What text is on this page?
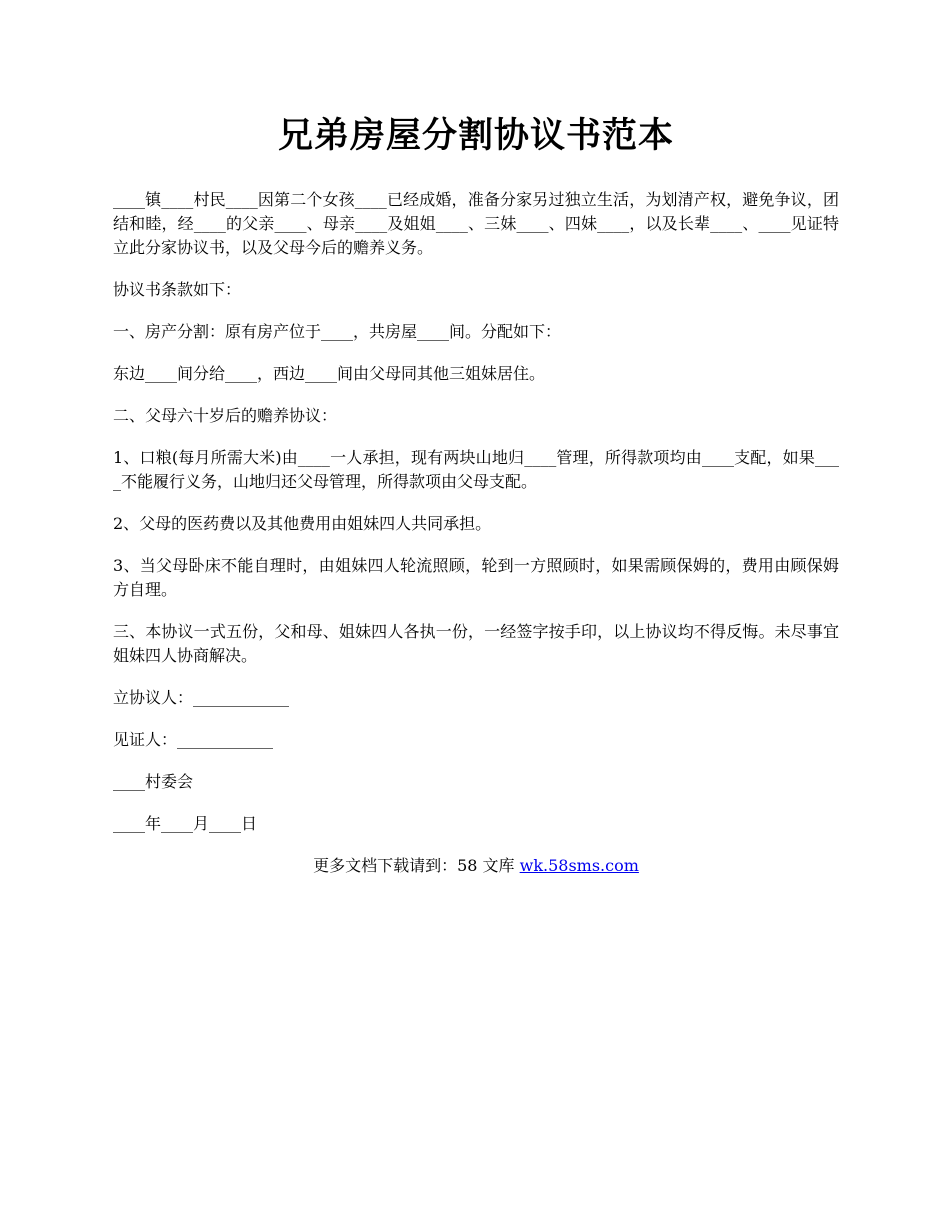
兄弟房屋分割协议书范本

____镇____村民____因第二个女孩____已经成婚，准备分家另过独立生活，为划清产权，避免争议，团结和睦，经____的父亲____、母亲____及姐姐____、三妹____、四妹____，以及长辈____、____见证特立此分家协议书，以及父母今后的赡养义务。

协议书条款如下：

一、房产分割：原有房产位于____，共房屋____间。分配如下：

东边____间分给____，西边____间由父母同其他三姐妹居住。

二、父母六十岁后的赡养协议：

1、口粮(每月所需大米)由____一人承担，现有两块山地归____管理，所得款项均由____支配，如果____不能履行义务，山地归还父母管理，所得款项由父母支配。

2、父母的医药费以及其他费用由姐妹四人共同承担。

3、当父母卧床不能自理时，由姐妹四人轮流照顾，轮到一方照顾时，如果需顾保姆的，费用由顾保姆方自理。

三、本协议一式五份，父和母、姐妹四人各执一份，一经签字按手印，以上协议均不得反悔。未尽事宜姐妹四人协商解决。

立协议人：____________

见证人：____________

____村委会

____年____月____日

更多文档下载请到：58 文库 wk.58sms.com
